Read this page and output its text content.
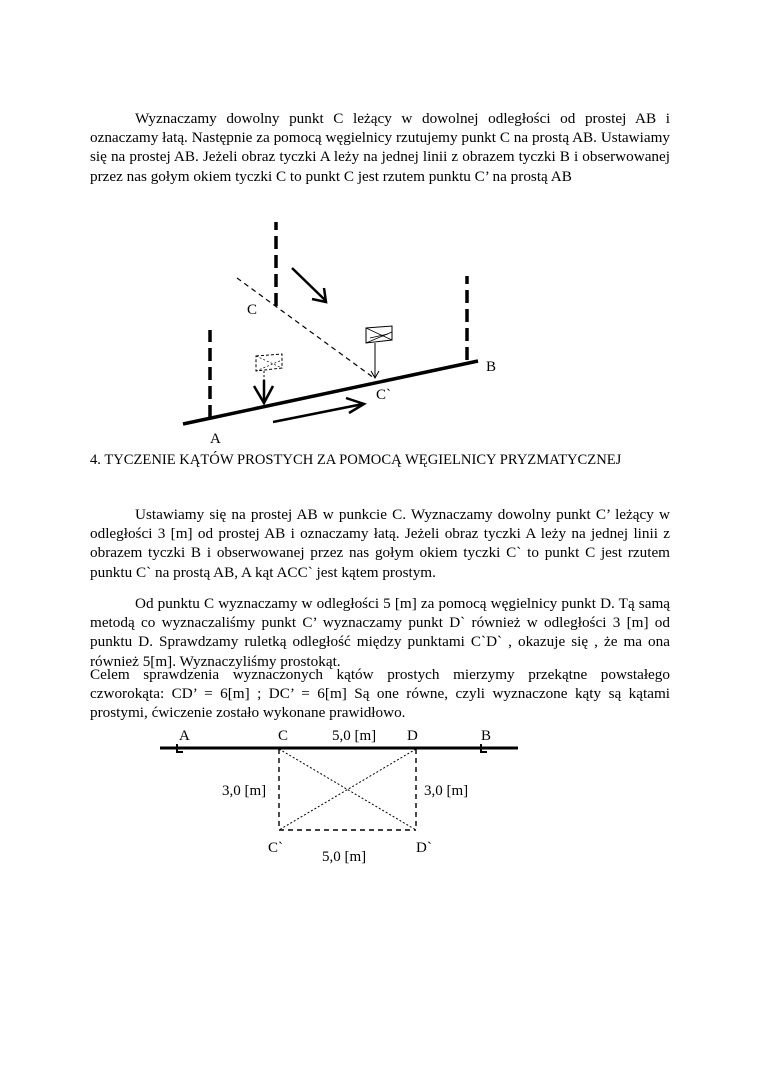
Wyznaczamy dowolny punkt C leżący w dowolnej odległości od prostej AB i oznaczamy łatą. Następnie za pomocą węgielnicy rzutujemy punkt C na prostą AB. Ustawiamy się na prostej AB. Jeżeli obraz tyczki A leży na jednej linii z obrazem tyczki B i obserwowanej przez nas gołym okiem tyczki C to punkt C jest rzutem punktu C’ na prostą AB

C
B
C`
A
A	C	5,0 [m] D	B
3,0 [m]	3,0 [m]
C`	D`
5,0 [m]
4. TYCZENIE KĄTÓW PROSTYCH ZA POMOCĄ WĘGIELNICY PRYZMATYCZNEJ

Ustawiamy się na prostej AB w punkcie C. Wyznaczamy dowolny punkt C’ leżący w odległości 3 [m] od prostej AB i oznaczamy łatą. Jeżeli obraz tyczki A leży na jednej linii z obrazem tyczki B i obserwowanej przez nas gołym okiem tyczki C` to punkt C jest rzutem punktu C` na prostą AB, A kąt ACC` jest kątem prostym.

Od punktu C wyznaczamy w odległości 5 [m] za pomocą węgielnicy punkt D. Tą samą metodą co wyznaczaliśmy punkt C’ wyznaczamy punkt D` również w odległości 3 [m] od punktu D. Sprawdzamy ruletką odległość między punktami C`D` , okazuje się , że ma ona również 5[m]. Wyznaczyliśmy prostokąt.

Celem sprawdzenia wyznaczonych kątów prostych mierzymy przekątne powstałego czworokąta: CD’ = 6[m] ; DC’ = 6[m] Są one równe, czyli wyznaczone kąty są kątami prostymi, ćwiczenie zostało wykonane prawidłowo.
